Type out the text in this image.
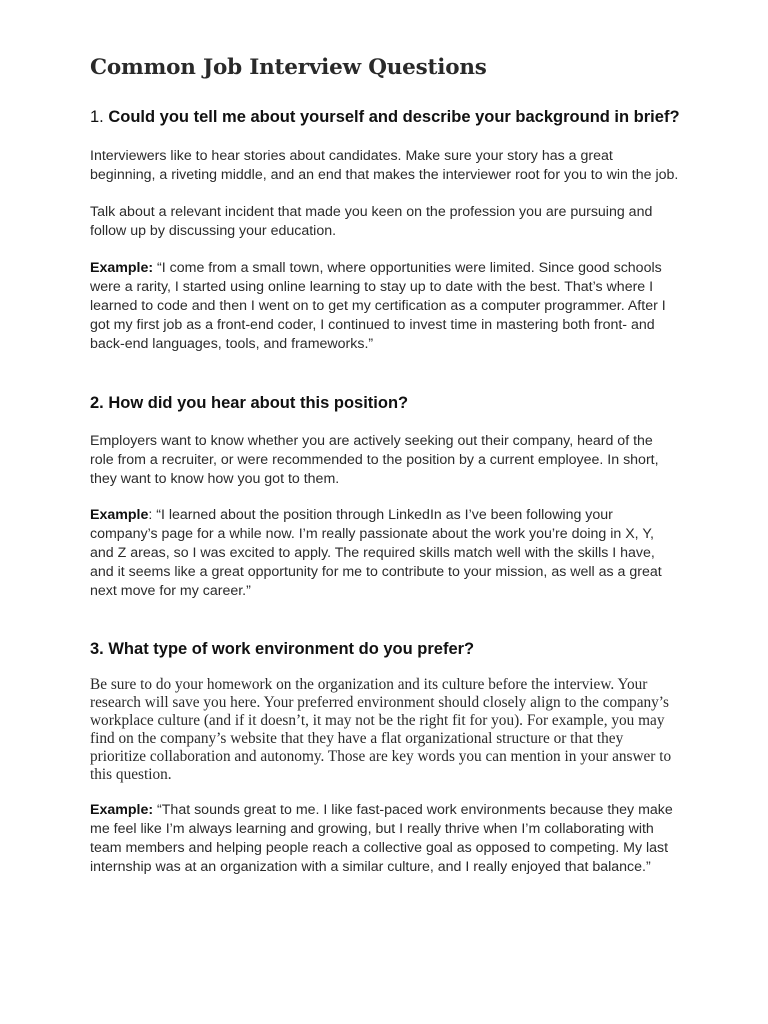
Common Job Interview Questions
1. Could you tell me about yourself and describe your background in brief?

Interviewers like to hear stories about candidates. Make sure your story has a great beginning, a riveting middle, and an end that makes the interviewer root for you to win the job.

Talk about a relevant incident that made you keen on the profession you are pursuing and follow up by discussing your education.

Example: “I come from a small town, where opportunities were limited. Since good schools were a rarity, I started using online learning to stay up to date with the best. That’s where I learned to code and then I went on to get my certification as a computer programmer. After I got my first job as a front-end coder, I continued to invest time in mastering both front- and back-end languages, tools, and frameworks.”

2. How did you hear about this position?

Employers want to know whether you are actively seeking out their company, heard of the role from a recruiter, or were recommended to the position by a current employee. In short, they want to know how you got to them.

Example: “I learned about the position through LinkedIn as I’ve been following your company’s page for a while now. I’m really passionate about the work you’re doing in X, Y, and Z areas, so I was excited to apply. The required skills match well with the skills I have, and it seems like a great opportunity for me to contribute to your mission, as well as a great next move for my career.”

3. What type of work environment do you prefer?

Be sure to do your homework on the organization and its culture before the interview. Your research will save you here. Your preferred environment should closely align to the company’s workplace culture (and if it doesn’t, it may not be the right fit for you). For example, you may find on the company’s website that they have a flat organizational structure or that they prioritize collaboration and autonomy. Those are key words you can mention in your answer to this question.

Example: “That sounds great to me. I like fast-paced work environments because they make me feel like I’m always learning and growing, but I really thrive when I’m collaborating with team members and helping people reach a collective goal as opposed to competing. My last internship was at an organization with a similar culture, and I really enjoyed that balance.”
